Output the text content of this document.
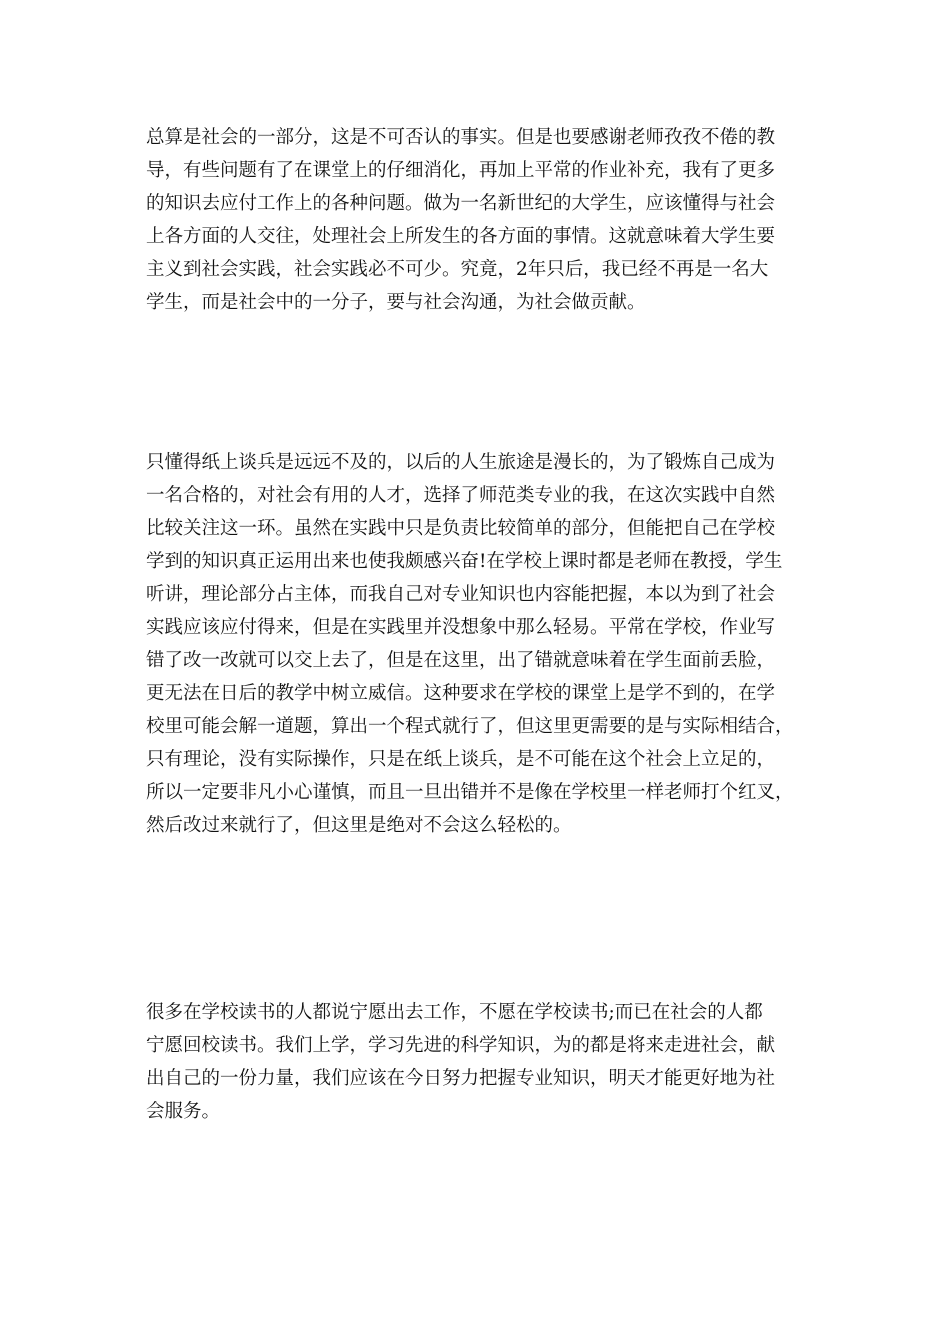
总算是社会的一部分，这是不可否认的事实。但是也要感谢老师孜孜不倦的教
导，有些问题有了在课堂上的仔细消化，再加上平常的作业补充，我有了更多
的知识去应付工作上的各种问题。做为一名新世纪的大学生，应该懂得与社会
上各方面的人交往，处理社会上所发生的各方面的事情。这就意味着大学生要
主义到社会实践，社会实践必不可少。究竟，2年只后，我已经不再是一名大
学生，而是社会中的一分子，要与社会沟通，为社会做贡献。
只懂得纸上谈兵是远远不及的，以后的人生旅途是漫长的，为了锻炼自己成为
一名合格的，对社会有用的人才，选择了师范类专业的我，在这次实践中自然
比较关注这一环。虽然在实践中只是负责比较简单的部分，但能把自己在学校
学到的知识真正运用出来也使我颇感兴奋!在学校上课时都是老师在教授，学生
听讲，理论部分占主体，而我自己对专业知识也内容能把握，本以为到了社会
实践应该应付得来，但是在实践里并没想象中那么轻易。平常在学校，作业写
错了改一改就可以交上去了，但是在这里，出了错就意味着在学生面前丢脸，
更无法在日后的教学中树立威信。这种要求在学校的课堂上是学不到的，在学
校里可能会解一道题，算出一个程式就行了，但这里更需要的是与实际相结合，
只有理论，没有实际操作，只是在纸上谈兵，是不可能在这个社会上立足的，
所以一定要非凡小心谨慎，而且一旦出错并不是像在学校里一样老师打个红叉，
然后改过来就行了，但这里是绝对不会这么轻松的。
很多在学校读书的人都说宁愿出去工作，不愿在学校读书;而已在社会的人都
宁愿回校读书。我们上学，学习先进的科学知识，为的都是将来走进社会，献
出自己的一份力量，我们应该在今日努力把握专业知识，明天才能更好地为社
会服务。
